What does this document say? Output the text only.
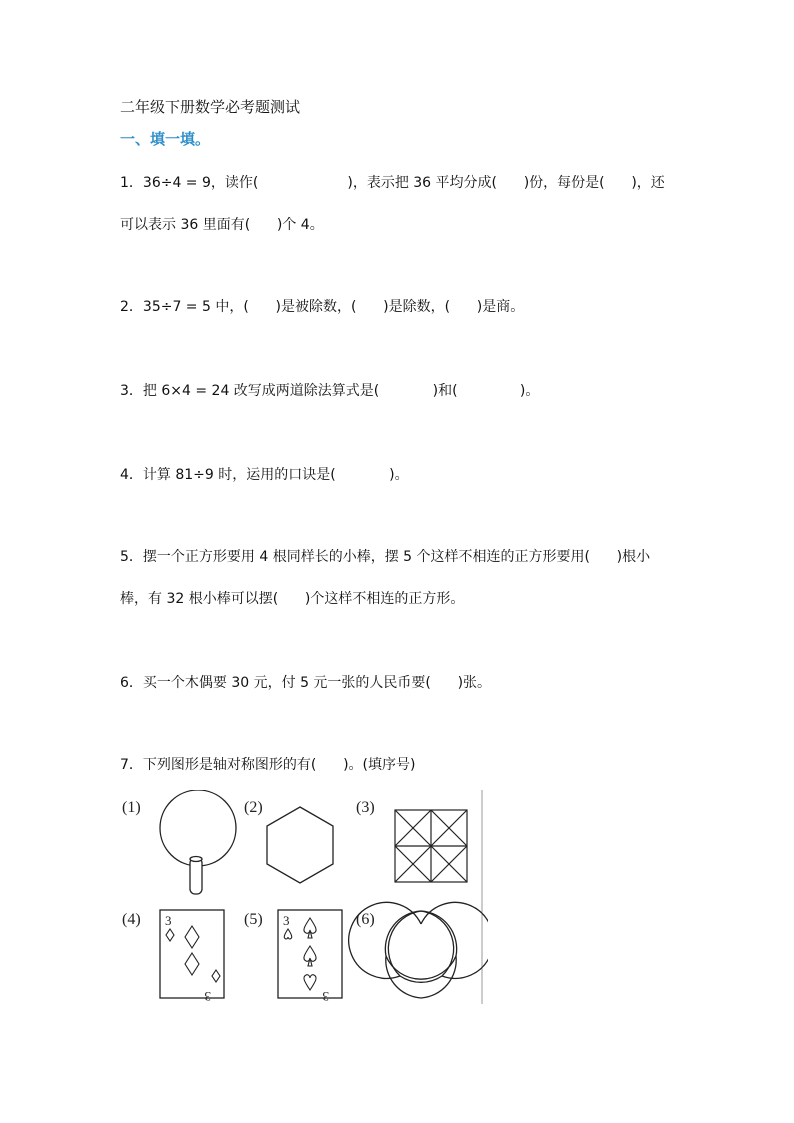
二年级下册数学必考题测试
一、填一填。
1．36÷4 = 9，读作(                    )，表示把 36 平均分成(      )份，每份是(      )，还
可以表示 36 里面有(      )个 4。
2．35÷7 = 5 中，(      )是被除数，(      )是除数，(      )是商。
3．把 6×4 = 24 改写成两道除法算式是(            )和(              )。
4．计算 81÷9 时，运用的口诀是(            )。
5．摆一个正方形要用 4 根同样长的小棒，摆 5 个这样不相连的正方形要用(      )根小
棒，有 32 根小棒可以摆(      )个这样不相连的正方形。
6．买一个木偶要 30 元，付 5 元一张的人民币要(      )张。
7．下列图形是轴对称图形的有(      )。(填序号)
(1)	(2)	(3)
(4)	(5)	(6)
3
3
3
3
